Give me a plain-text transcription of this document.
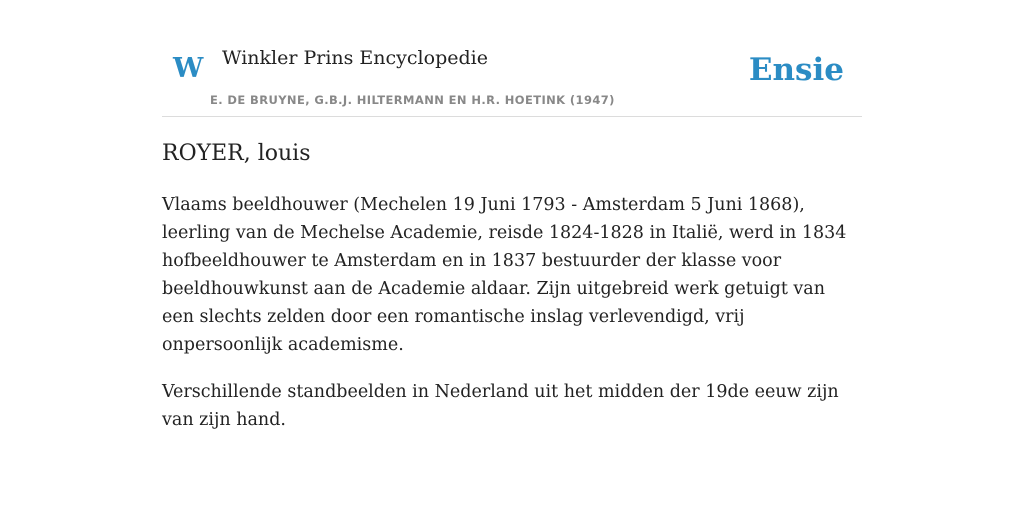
W Winkler Prins Encyclopedie
E. DE BRUYNE, G.B.J. HILTERMANN EN H.R. HOETINK (1947)
Ensie
ROYER, louis

Vlaams beeldhouwer (Mechelen 19 Juni 1793 - Amsterdam 5 Juni 1868), leerling van de Mechelse Academie, reisde 1824-1828 in Italië, werd in 1834 hofbeeldhouwer te Amsterdam en in 1837 bestuurder der klasse voor beeldhouwkunst aan de Academie aldaar. Zijn uitgebreid werk getuigt van een slechts zelden door een romantische inslag verlevendigd, vrij onpersoonlijk academisme.

Verschillende standbeelden in Nederland uit het midden der 19de eeuw zijn van zijn hand.
